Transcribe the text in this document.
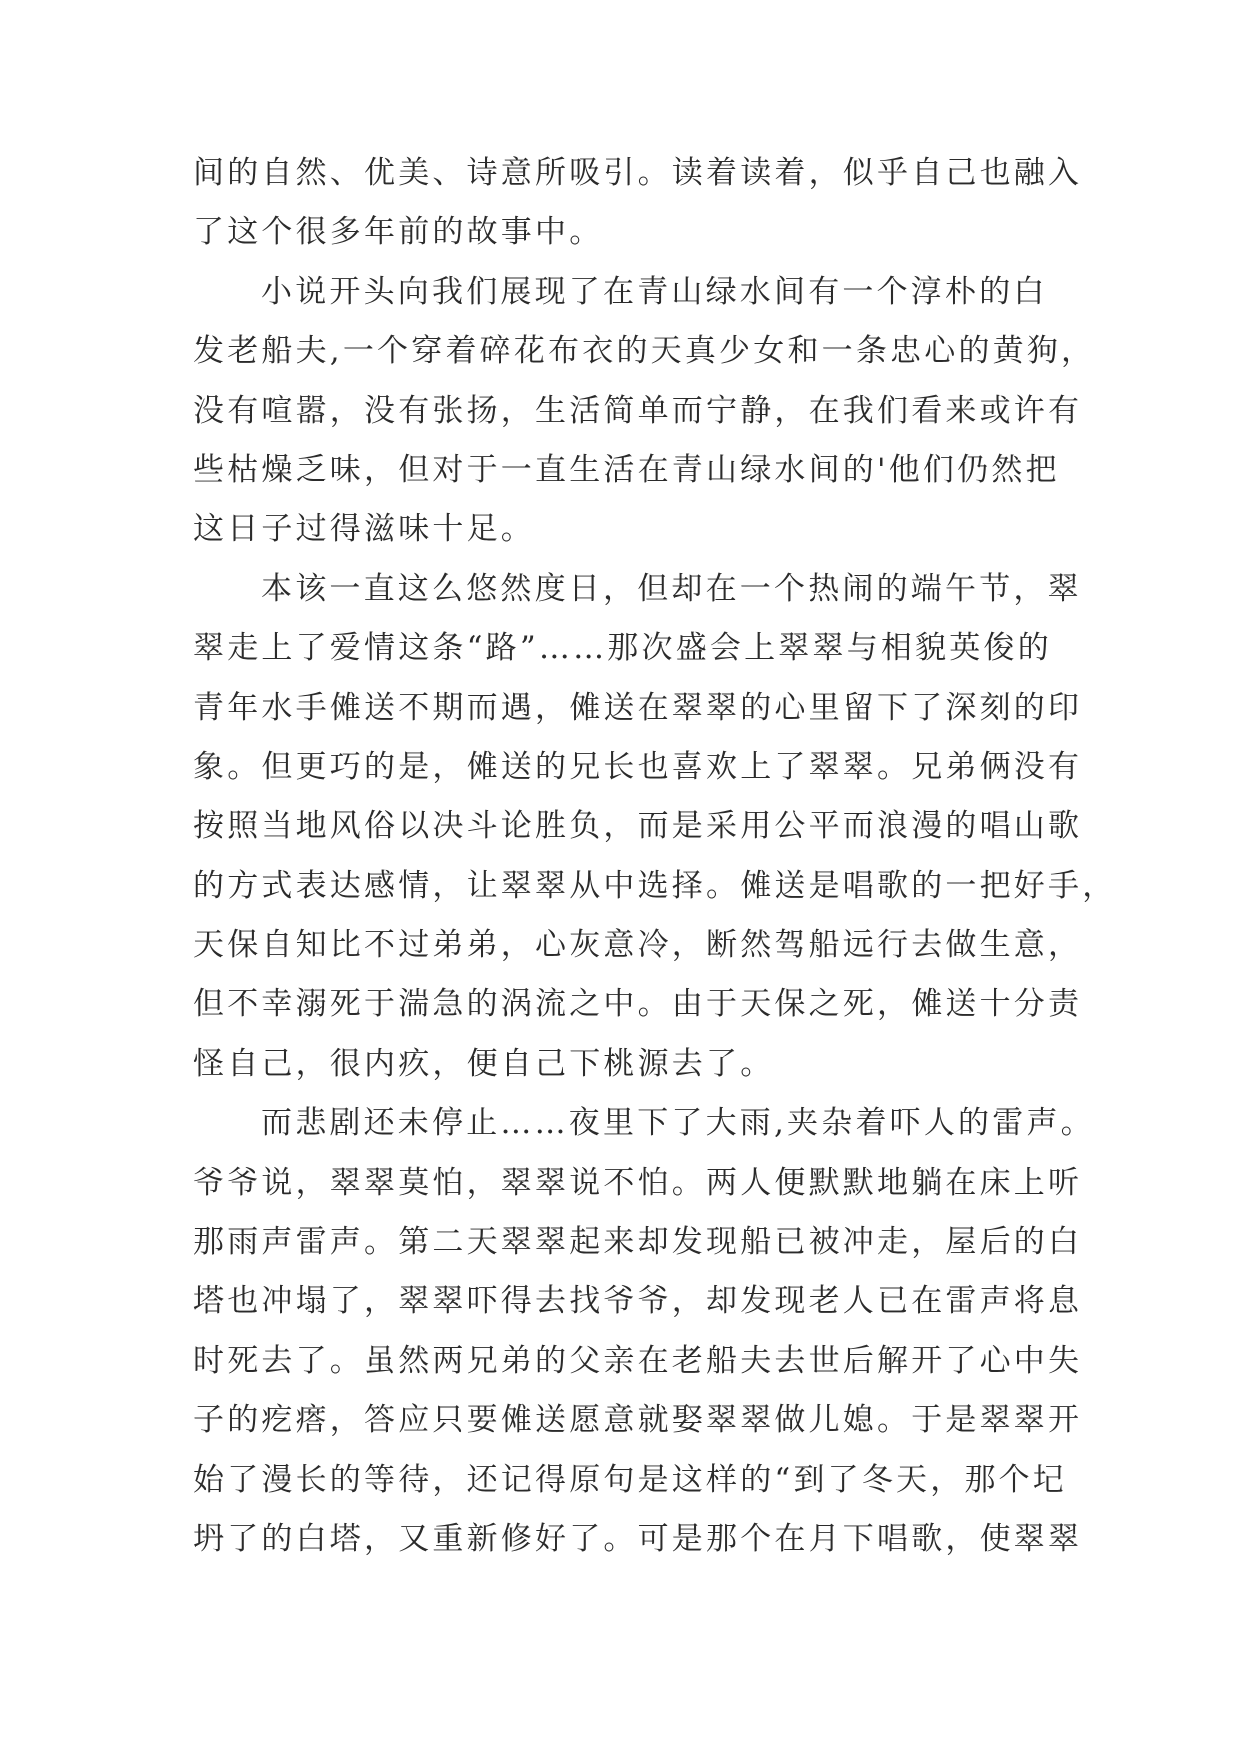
间的自然、优美、诗意所吸引。读着读着，似乎自己也融入
了这个很多年前的故事中。
小说开头向我们展现了在青山绿水间有一个淳朴的白
发老船夫,一个穿着碎花布衣的天真少女和一条忠心的黄狗，
没有喧嚣，没有张扬，生活简单而宁静，在我们看来或许有
些枯燥乏味，但对于一直生活在青山绿水间的'他们仍然把
这日子过得滋味十足。
本该一直这么悠然度日，但却在一个热闹的端午节，翠
翠走上了爱情这条“路”……那次盛会上翠翠与相貌英俊的
青年水手傩送不期而遇，傩送在翠翠的心里留下了深刻的印
象。但更巧的是，傩送的兄长也喜欢上了翠翠。兄弟俩没有
按照当地风俗以决斗论胜负，而是采用公平而浪漫的唱山歌
的方式表达感情，让翠翠从中选择。傩送是唱歌的一把好手，
天保自知比不过弟弟，心灰意冷，断然驾船远行去做生意，
但不幸溺死于湍急的涡流之中。由于天保之死，傩送十分责
怪自己，很内疚，便自己下桃源去了。
而悲剧还未停止……夜里下了大雨,夹杂着吓人的雷声。
爷爷说，翠翠莫怕，翠翠说不怕。两人便默默地躺在床上听
那雨声雷声。第二天翠翠起来却发现船已被冲走，屋后的白
塔也冲塌了，翠翠吓得去找爷爷，却发现老人已在雷声将息
时死去了。虽然两兄弟的父亲在老船夫去世后解开了心中失
子的疙瘩，答应只要傩送愿意就娶翠翠做儿媳。于是翠翠开
始了漫长的等待，还记得原句是这样的“到了冬天，那个圮
坍了的白塔，又重新修好了。可是那个在月下唱歌，使翠翠
